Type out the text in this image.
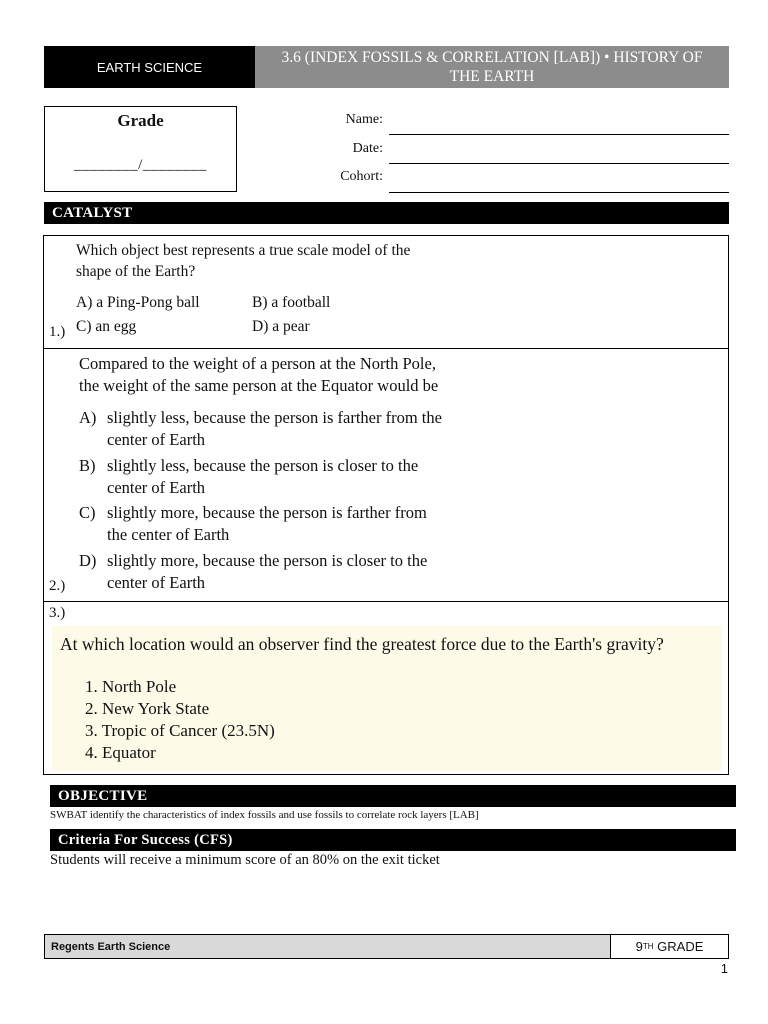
EARTH SCIENCE
3.6 (INDEX FOSSILS & CORRELATION [LAB]) • HISTORY OF THE EARTH
Grade
________/________
Name:
Date:
Cohort:
CATALYST
Which object best represents a true scale model of the
shape of the Earth?
A) a Ping-Pong ball	B) a football
C) an egg	D) a pear
1.)
Compared to the weight of a person at the North Pole,
the weight of the same person at the Equator would be
A) slightly less, because the person is farther from the
center of Earth
B) slightly less, because the person is closer to the
center of Earth
C) slightly more, because the person is farther from
the center of Earth
D) slightly more, because the person is closer to the
center of Earth
2.)
3.)
At which location would an observer find the greatest force due to the Earth's gravity?
1. North Pole
2. New York State
3. Tropic of Cancer (23.5N)
4. Equator
OBJECTIVE
SWBAT identify the characteristics of index fossils and use fossils to correlate rock layers [LAB]
Criteria For Success (CFS)
Students will receive a minimum score of an 80% on the exit ticket
Regents Earth Science	9 TH GRADE
1
